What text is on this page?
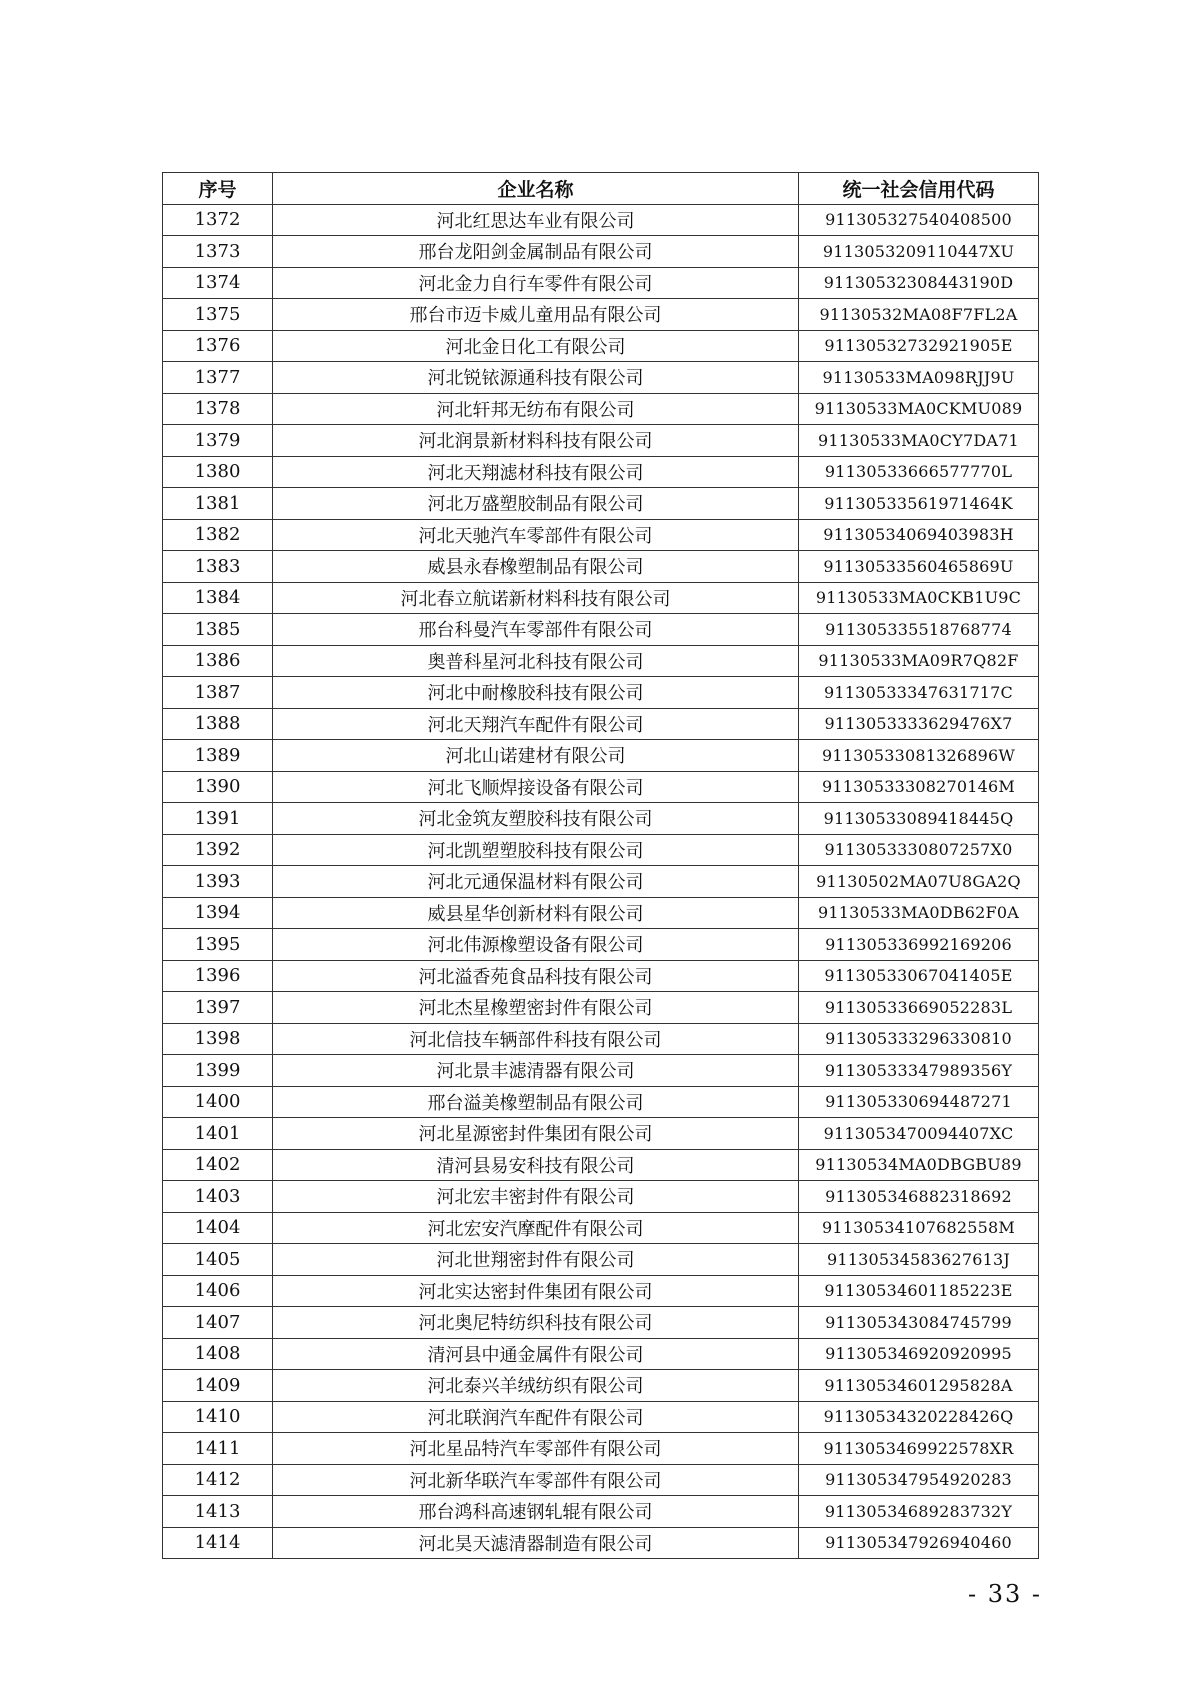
序号	企业名称	统一社会信用代码
1372	河北红思达车业有限公司	911305327540408500
1373	邢台龙阳剑金属制品有限公司	9113053209110447XU
1374	河北金力自行车零件有限公司	91130532308443190D
1375	邢台市迈卡威儿童用品有限公司	91130532MA08F7FL2A
1376	河北金日化工有限公司	91130532732921905E
1377	河北锐铱源通科技有限公司	91130533MA098RJJ9U
1378	河北轩邦无纺布有限公司	91130533MA0CKMU089
1379	河北润景新材料科技有限公司	91130533MA0CY7DA71
1380	河北天翔滤材科技有限公司	91130533666577770L
1381	河北万盛塑胶制品有限公司	91130533561971464K
1382	河北天驰汽车零部件有限公司	91130534069403983H
1383	威县永春橡塑制品有限公司	91130533560465869U
1384	河北春立航诺新材料科技有限公司	91130533MA0CKB1U9C
1385	邢台科曼汽车零部件有限公司	911305335518768774
1386	奥普科星河北科技有限公司	91130533MA09R7Q82F
1387	河北中耐橡胶科技有限公司	91130533347631717C
1388	河北天翔汽车配件有限公司	9113053333629476X7
1389	河北山诺建材有限公司	91130533081326896W
1390	河北飞顺焊接设备有限公司	91130533308270146M
1391	河北金筑友塑胶科技有限公司	91130533089418445Q
1392	河北凯塑塑胶科技有限公司	9113053330807257X0
1393	河北元通保温材料有限公司	91130502MA07U8GA2Q
1394	威县星华创新材料有限公司	91130533MA0DB62F0A
1395	河北伟源橡塑设备有限公司	911305336992169206
1396	河北溢香苑食品科技有限公司	91130533067041405E
1397	河北杰星橡塑密封件有限公司	91130533669052283L
1398	河北信技车辆部件科技有限公司	911305333296330810
1399	河北景丰滤清器有限公司	91130533347989356Y
1400	邢台溢美橡塑制品有限公司	911305330694487271
1401	河北星源密封件集团有限公司	9113053470094407XC
1402	清河县易安科技有限公司	91130534MA0DBGBU89
1403	河北宏丰密封件有限公司	911305346882318692
1404	河北宏安汽摩配件有限公司	91130534107682558M
1405	河北世翔密封件有限公司	91130534583627613J
1406	河北实达密封件集团有限公司	91130534601185223E
1407	河北奥尼特纺织科技有限公司	911305343084745799
1408	清河县中通金属件有限公司	911305346920920995
1409	河北泰兴羊绒纺织有限公司	91130534601295828A
1410	河北联润汽车配件有限公司	91130534320228426Q
1411	河北星品特汽车零部件有限公司	9113053469922578XR
1412	河北新华联汽车零部件有限公司	911305347954920283
1413	邢台鸿科高速钢轧辊有限公司	91130534689283732Y
1414	河北昊天滤清器制造有限公司	911305347926940460
- 33 -
